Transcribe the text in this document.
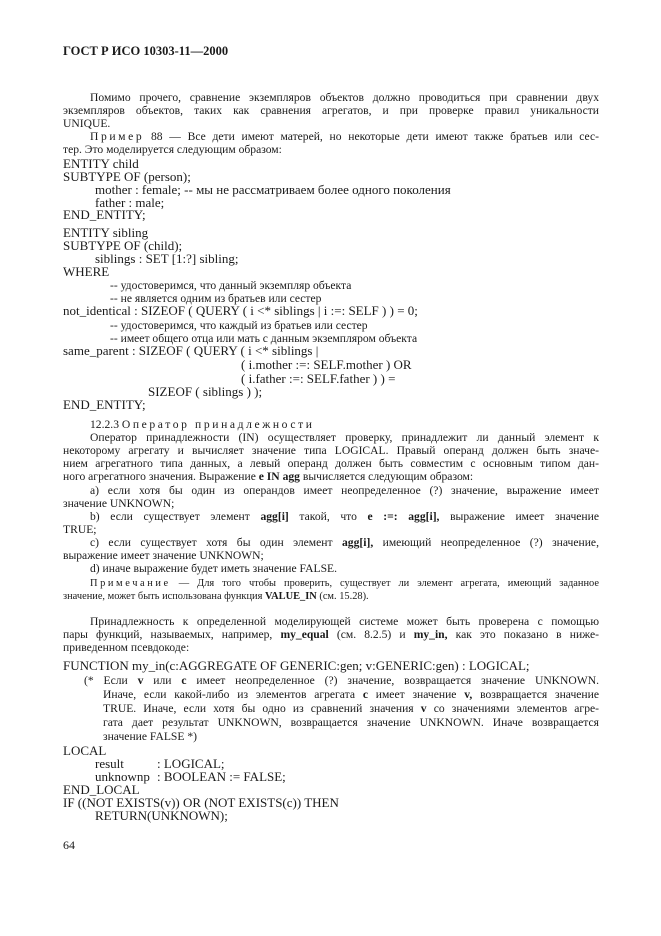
ГОСТ Р ИСО 10303-11—2000
Помимо прочего, сравнение экземпляров объектов должно проводиться при сравнении двух
экземпляров объектов, таких как сравнения агрегатов, и при проверке правил уникальности
UNIQUE.
Пример 88 — Все дети имеют матерей, но некоторые дети имеют также братьев или сес-
тер. Это моделируется следующим образом:
ENTITY child
SUBTYPE OF (person);
mother : female; -- мы не рассматриваем более одного поколения
father : male;
END_ENTITY;
ENTITY sibling
SUBTYPE OF (child);
siblings : SET [1:?] sibling;
WHERE
-- удостоверимся, что данный экземпляр объекта
-- не является одним из братьев или сестер
not_identical : SIZEOF ( QUERY ( i <* siblings | i :=: SELF ) ) = 0;
-- удостоверимся, что каждый из братьев или сестер
-- имеет общего отца или мать с данным экземпляром объекта
same_parent : SIZEOF ( QUERY ( i <* siblings |
( i.mother :=: SELF.mother ) OR
( i.father :=: SELF.father ) ) =
SIZEOF ( siblings ) );
END_ENTITY;
12.2.3 Оператор принадлежности
Оператор принадлежности (IN) осуществляет проверку, принадлежит ли данный элемент к
некоторому агрегату и вычисляет значение типа LOGICAL. Правый операнд должен быть значе-
нием агрегатного типа данных, а левый операнд должен быть совместим с основным типом дан-
ного агрегатного значения. Выражение e IN agg вычисляется следующим образом:
a) если хотя бы один из операндов имеет неопределенное (?) значение, выражение имеет
значение UNKNOWN;
b) если существует элемент agg[i] такой, что e :=: agg[i], выражение имеет значение
TRUE;
c) если существует хотя бы один элемент agg[i], имеющий неопределенное (?) значение,
выражение имеет значение UNKNOWN;
d) иначе выражение будет иметь значение FALSE.
Примечание — Для того чтобы проверить, существует ли элемент агрегата, имеющий заданное
значение, может быть использована функция VALUE_IN (см. 15.28).
Принадлежность к определенной моделирующей системе может быть проверена с помощью
пары функций, называемых, например, my_equal (см. 8.2.5) и my_in, как это показано в ниже-
приведенном псевдокоде:
FUNCTION my_in(c:AGGREGATE OF GENERIC:gen; v:GENERIC:gen) : LOGICAL;
(* Если v или c имеет неопределенное (?) значение, возвращается значение UNKNOWN.
Иначе, если какой-либо из элементов агрегата c имеет значение v, возвращается значение
TRUE. Иначе, если хотя бы одно из сравнений значения v со значениями элементов агре-
гата дает результат UNKNOWN, возвращается значение UNKNOWN. Иначе возвращается
значение FALSE *)
LOCAL
result	: LOGICAL;
unknownp : BOOLEAN := FALSE;
END_LOCAL
IF ((NOT EXISTS(v)) OR (NOT EXISTS(c)) THEN
RETURN(UNKNOWN);
64
